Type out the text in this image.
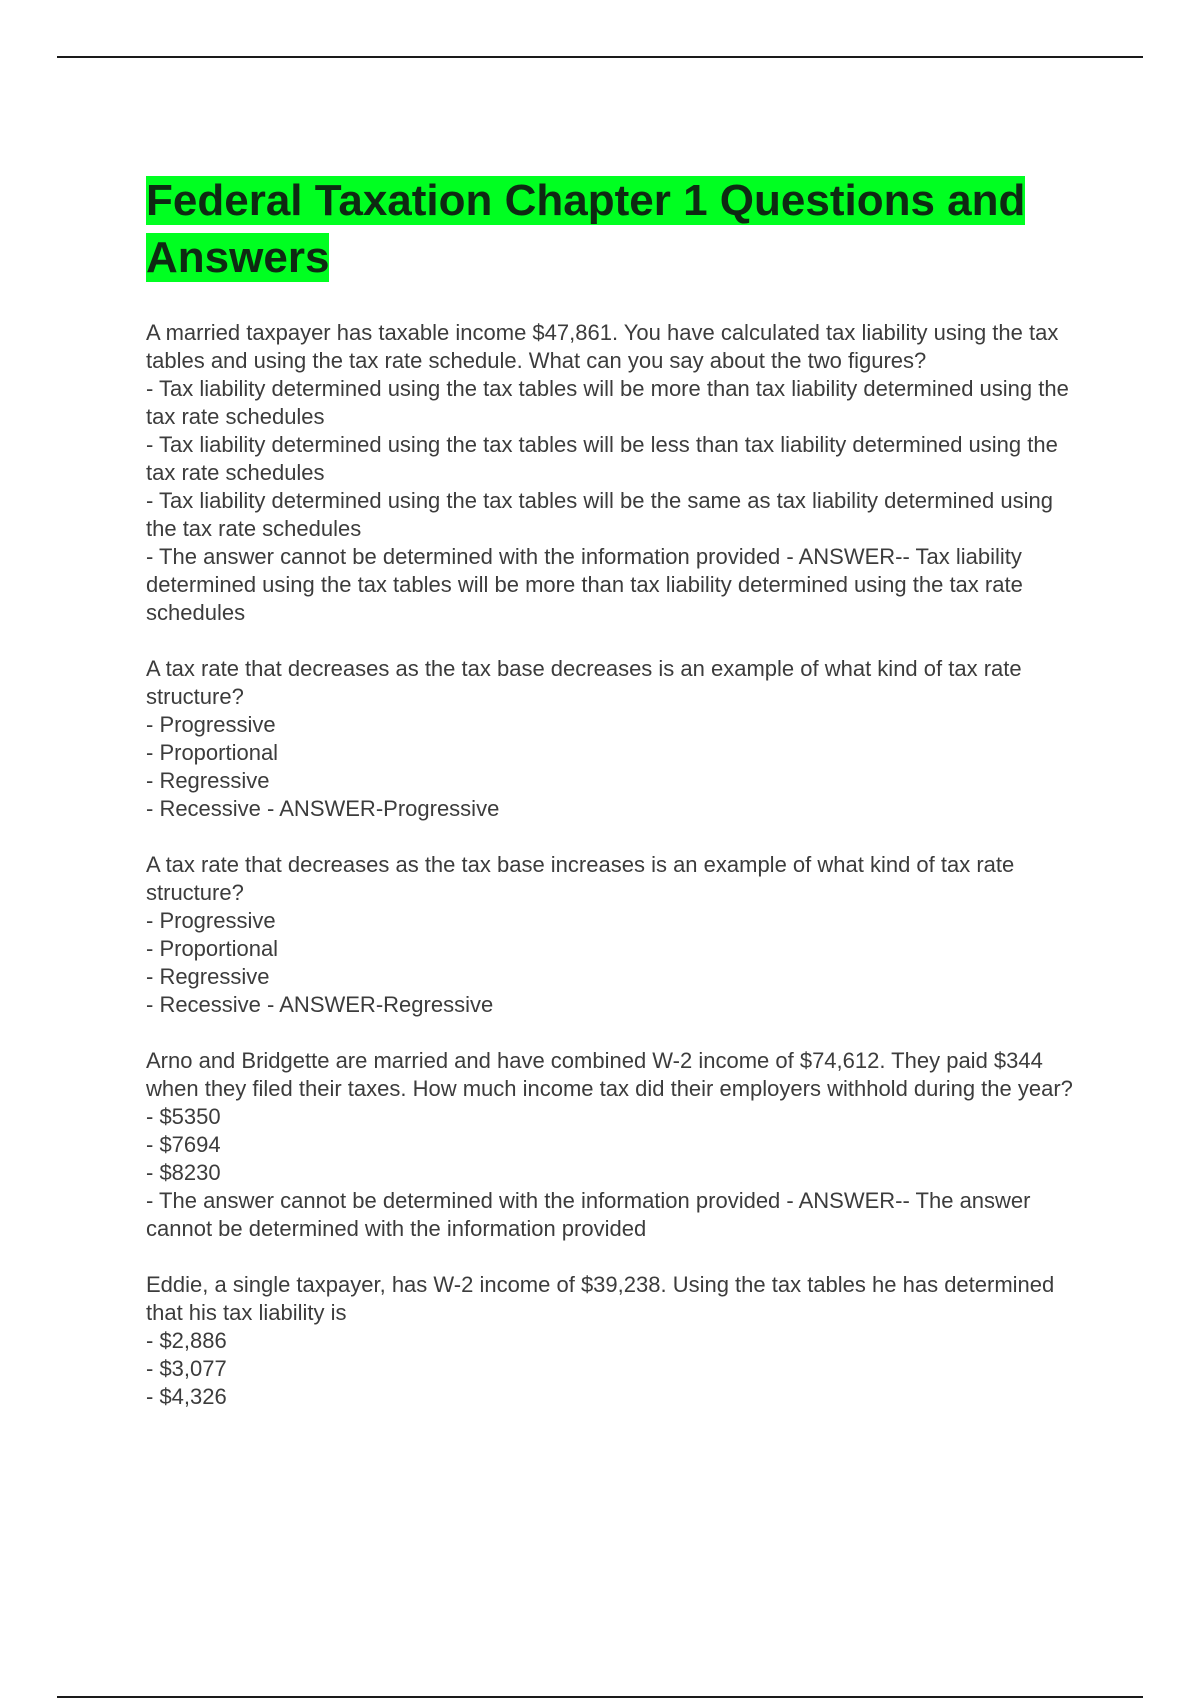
Federal Taxation Chapter 1 Questions and Answers
A married taxpayer has taxable income $47,861. You have calculated tax liability using the tax tables and using the tax rate schedule. What can you say about the two figures?
- Tax liability determined using the tax tables will be more than tax liability determined using the tax rate schedules
- Tax liability determined using the tax tables will be less than tax liability determined using the tax rate schedules
- Tax liability determined using the tax tables will be the same as tax liability determined using the tax rate schedules
- The answer cannot be determined with the information provided - ANSWER-- Tax liability determined using the tax tables will be more than tax liability determined using the tax rate schedules
A tax rate that decreases as the tax base decreases is an example of what kind of tax rate structure?
- Progressive
- Proportional
- Regressive
- Recessive - ANSWER-Progressive
A tax rate that decreases as the tax base increases is an example of what kind of tax rate structure?
- Progressive
- Proportional
- Regressive
- Recessive - ANSWER-Regressive
Arno and Bridgette are married and have combined W-2 income of $74,612. They paid $344 when they filed their taxes. How much income tax did their employers withhold during the year?
- $5350
- $7694
- $8230
- The answer cannot be determined with the information provided - ANSWER-- The answer cannot be determined with the information provided
Eddie, a single taxpayer, has W-2 income of $39,238. Using the tax tables he has determined that his tax liability is
- $2,886
- $3,077
- $4,326
